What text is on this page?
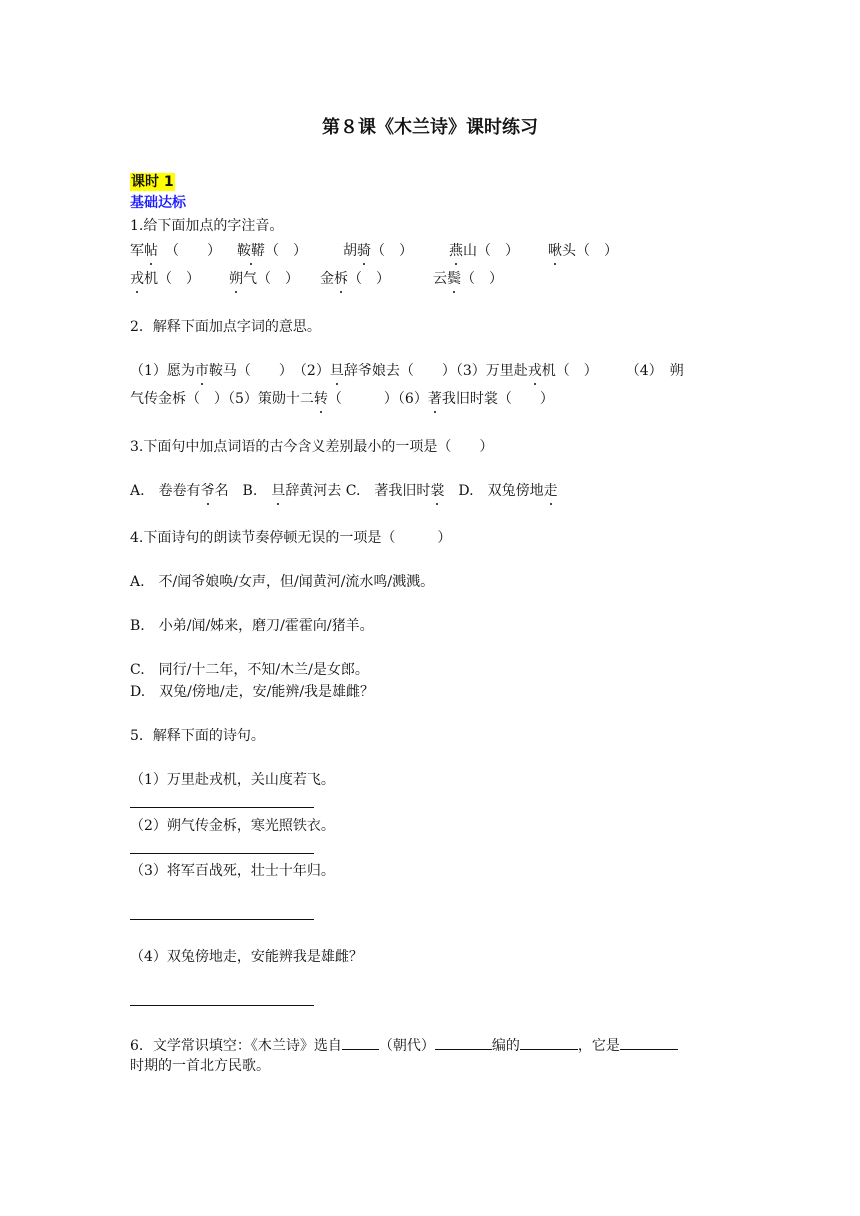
第８课《木兰诗》课时练习
课时 1
基础达标
1.给下面加点的字注音。
军帖　（　　） 鞍鞯（　）	胡骑（　）	燕山（　） 啾头（　）
戎机（　） 朔气（　） 金柝（　）	云鬓（　）
2．解释下面加点字词的意思。
（1）愿为市鞍马（　　）　（2）旦辞爷娘去（　　）（3）万里赴戎机（　）　　　（4）　朔
气传金柝（　）（5）策勋十二转（　　　）（6）著我旧时裳（　　）
3.下面句中加点词语的古今含义差别最小的一项是（　　）
A.　卷卷有爷名　B.　旦辞黄河去 C.　著我旧时裳　D.　双兔傍地走
4.下面诗句的朗读节奏停顿无误的一项是（　　　）
A.　不/闻爷娘唤/女声，但/闻黄河/流水鸣/溅溅。
B.　小弟/闻/姊来，磨刀/霍霍向/猪羊。
C.　同行/十二年，不知/木兰/是女郎。
D.　双兔/傍地/走，安/能辨/我是雄雌？
5．解释下面的诗句。
（1）万里赴戎机，关山度若飞。
（2）朔气传金柝，寒光照铁衣。
（3）将军百战死，壮士十年归。
（4）双兔傍地走，安能辨我是雄雌？
6．文学常识填空：《木兰诗》选自	（朝代）	编的	，它是
时期的一首北方民歌。
